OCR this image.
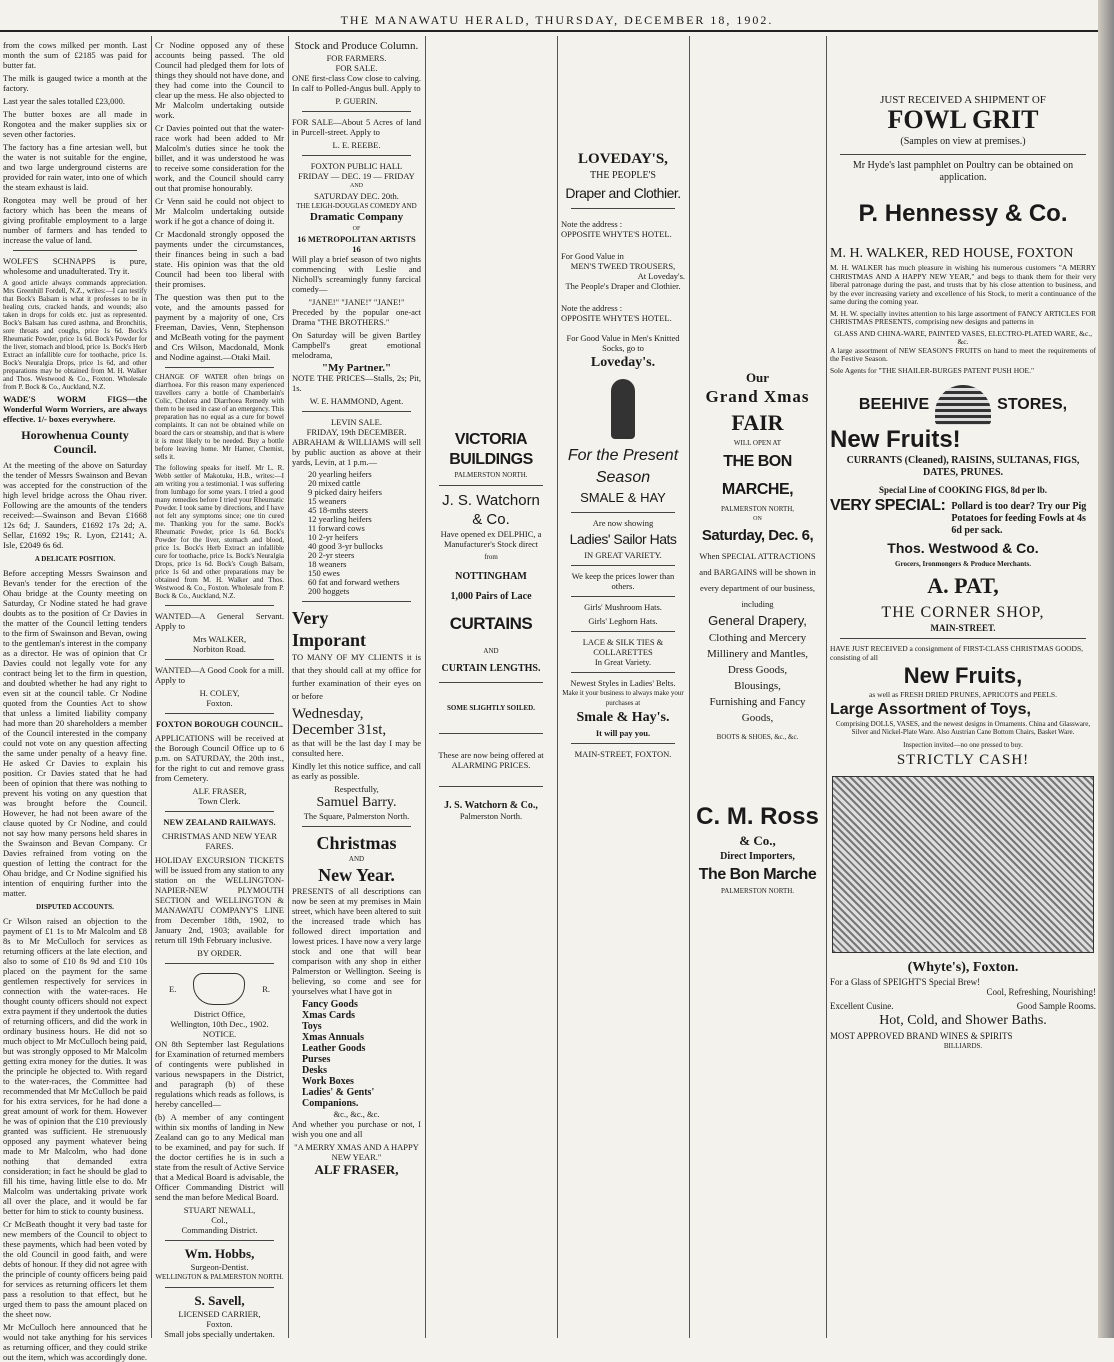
THE MANAWATU HERALD, THURSDAY, DECEMBER 18, 1902.

from the cows milked per month. Last month the sum of £2185 was paid for butter fat.

The milk is gauged twice a month at the factory.

Last year the sales totalled £23,000.

The butter boxes are all made in Rongotea and the maker supplies six or seven other factories.

The factory has a fine artesian well, but the water is not suitable for the engine, and two large underground cisterns are provided for rain water, into one of which the steam exhaust is laid.

Rongotea may well be proud of her factory which has been the means of giving profitable employment to a large number of farmers and has tended to increase the value of land.

WOLFE'S SCHNAPPS is pure, wholesome and unadulterated. Try it.

A good article always commands appreciation. Mrs Greenhill Fordell, N.Z., writes:—I can testify that Bock's Balsam is what it professes to be in healing cuts, cracked hands, and wounds; also taken in drops for colds etc. just as represented. Bock's Balsam has cured asthma, and Bronchitis, sore throats and coughs, price 1s 6d. Bock's Rheumatic Powder, price 1s 6d. Bock's Powder for the liver, stomach and blood, price 1s. Bock's Herb Extract an infallible cure for toothache, price 1s. Bock's Neuralgia Drops, price 1s 6d, and other preparations may be obtained from M. H. Walker and Thos. Westwood & Co., Foxton. Wholesale from P. Bock & Co., Auckland, N.Z.

WADE'S WORM FIGS—the Wonderful Worm Worriers, are always effective. 1/- boxes everywhere.

Horowhenua County Council.

At the meeting of the above on Saturday the tender of Messrs Swainson and Bevan was accepted for the construction of the high level bridge across the Ohau river. Following are the amounts of the tenders received:—Swainson and Bevan £1668 12s 6d; J. Saunders, £1692 17s 2d; A. Sellar, £1692 19s; R. Lyon, £2141; A. Isle, £2049 6s 6d.

A DELICATE POSITION.

Before accepting Messrs Swainson and Bevan's tender for the erection of the Ohau bridge at the County meeting on Saturday, Cr Nodine stated he had grave doubts as to the position of Cr Davies in the matter of the Council letting tenders to the firm of Swainson and Bevan, owing to the gentleman's interest in the company as a director. He was of opinion that Cr Davies could not legally vote for any contract being let to the firm in question, and doubted whether he had any right to even sit at the council table. Cr Nodine quoted from the Counties Act to show that unless a limited liability company had more than 20 shareholders a member of the Council interested in the company could not vote on any question affecting the same under penalty of a heavy fine. He asked Cr Davies to explain his position. Cr Davies stated that he had been of opinion that there was nothing to prevent his voting on any question that was brought before the Council. However, he had not been aware of the clause quoted by Cr Nodine, and could not say how many persons held shares in the Swainson and Bevan Company. Cr Davies refrained from voting on the question of letting the contract for the Ohau bridge, and Cr Nodine signified his intention of enquiring further into the matter.

DISPUTED ACCOUNTS.

Cr Wilson raised an objection to the payment of £1 1s to Mr Malcolm and £8 8s to Mr McCulloch for services as returning officers at the late election, and also to some of £10 8s 9d and £10 10s placed on the payment for the same gentlemen respectively for services in connection with the water-races. He thought county officers should not expect extra payment if they undertook the duties of returning officers, and did the work in ordinary business hours. He did not so much object to Mr McCulloch being paid, but was strongly opposed to Mr Malcolm getting extra money for the duties. It was the principle he objected to. With regard to the water-races, the Committee had recommended that Mr McCulloch be paid for his extra services, for he had done a great amount of work for them. However he was of opinion that the £10 previously granted was sufficient. He strenuously opposed any payment whatever being made to Mr Malcolm, who had done nothing that demanded extra consideration; in fact he should be glad to fill his time, having little else to do. Mr Malcolm was undertaking private work all over the place, and it would be far better for him to stick to county business.

Cr McBeath thought it very bad taste for new members of the Council to object to these payments, which had been voted by the old Council in good faith, and were debts of honour. If they did not agree with the principle of county officers being paid for services as returning officers let them pass a resolution to that effect, but he urged them to pass the amount placed on the sheet now.

Mr McCulloch here announced that he would not take anything for his services as returning officer, and they could strike out the item, which was accordingly done.

Cr Nodine opposed any of these accounts being passed. The old Council had pledged them for lots of things they should not have done, and they had come into the Council to clear up the mess. He also objected to Mr Malcolm undertaking outside work.

Cr Davies pointed out that the water-race work had been added to Mr Malcolm's duties since he took the billet, and it was understood he was to receive some consideration for the work, and the Council should carry out that promise honourably.

Cr Venn said he could not object to Mr Malcolm undertaking outside work if he got a chance of doing it.

Cr Macdonald strongly opposed the payments under the circumstances, their finances being in such a bad state. His opinion was that the old Council had been too liberal with their promises.

The question was then put to the vote, and the amounts passed for payment by a majority of one, Crs Freeman, Davies, Venn, Stephenson and McBeath voting for the payment and Crs Wilson, Macdonald, Monk and Nodine against.—Otaki Mail.

CHANGE OF WATER often brings on diarrhoea. For this reason many experienced travellers carry a bottle of Chamberlain's Colic, Cholera and Diarrhoea Remedy with them to be used in case of an emergency. This preparation has no equal as a cure for bowel complaints. It can not be obtained while on board the cars or steamship, and that is where it is most likely to be needed. Buy a bottle before leaving home. Mr Hamer, Chemist, sells it.

The following speaks for itself. Mr L. R. Webb settler of Makotuku, H.B., writes:—I am writing you a testimonial. I was suffering from lumbago for some years. I tried a good many remedies before I tried your Rheumatic Powder. I took same by directions, and I have not felt any symptoms since; one tin cured me. Thanking you for the same. Bock's Rheumatic Powder, price 1s 6d. Bock's Powder for the liver, stomach and blood, price 1s. Bock's Herb Extract an infallible cure for toothache, price 1s. Bock's Neuralgia Drops, price 1s 6d. Bock's Cough Balsam, price 1s 6d and other preparations may be obtained from M. H. Walker and Thos. Westwood & Co., Foxton. Wholesale from P. Bock & Co., Auckland, N.Z.

WANTED—A General Servant. Apply to

Mrs WALKER,
Norbiton Road.

WANTED—A Good Cook for a mill. Apply to

H. COLEY,
Foxton.
FOXTON BOROUGH COUNCIL.

APPLICATIONS will be received at the Borough Council Office up to 6 p.m. on SATURDAY, the 20th inst., for the right to cut and remove grass from Cemetery.

ALF. FRASER,
Town Clerk.
NEW ZEALAND RAILWAYS.
CHRISTMAS AND NEW YEAR FARES.

HOLIDAY EXCURSION TICKETS will be issued from any station to any station on the WELLINGTON-NAPIER-NEW PLYMOUTH SECTION and WELLINGTON & MANAWATU COMPANY'S LINE from December 18th, 1902, to January 2nd, 1903; available for return till 19th February inclusive.

BY ORDER.
E.	R.
District Office,
Wellington, 10th Dec., 1902.
NOTICE.

ON 8th September last Regulations for Examination of returned members of contingents were published in various newspapers in the District, and paragraph (b) of these regulations which reads as follows, is hereby cancelled—

(b) A member of any contingent within six months of landing in New Zealand can go to any Medical man to be examined, and pay for such. If the doctor certifies he is in such a state from the result of Active Service that a Medical Board is advisable, the Officer Commanding District will send the man before Medical Board.

STUART NEWALL,
Col.,
Commanding District.
Wm. Hobbs,
Surgeon-Dentist.
WELLINGTON & PALMERSTON NORTH.
S. Savell,
LICENSED CARRIER,
Foxton.
Small jobs specially undertaken.
Stock and Produce Column.
FOR FARMERS.
FOR SALE.

ONE first-class Cow close to calving. In calf to Polled-Angus bull. Apply to

P. GUERIN.

FOR SALE—About 5 Acres of land in Purcell-street. Apply to

L. E. REEBE.
FOXTON PUBLIC HALL
FRIDAY — DEC. 19 — FRIDAY
AND
SATURDAY DEC. 20th.
THE LEIGH-DOUGLAS COMEDY AND
Dramatic Company
OF
16 METROPOLITAN ARTISTS 16

Will play a brief season of two nights commencing with Leslie and Nicholl's screamingly funny farcical comedy—

"JANE!" "JANE!" "JANE!"

Preceded by the popular one-act Drama "THE BROTHERS."

On Saturday will be given Bartley Campbell's great emotional melodrama,

"My Partner."

NOTE THE PRICES—Stalls, 2s; Pit, 1s.

W. E. HAMMOND, Agent.
LEVIN SALE.
FRIDAY, 19th DECEMBER.

ABRAHAM & WILLIAMS will sell by public auction as above at their yards, Levin, at 1 p.m.—

20 yearling heifers
20 mixed cattle
9 picked dairy heifers
15 weaners
45 18-mths steers
12 yearling heifers
11 forward cows
10 2-yr heifers
40 good 3-yr bullocks
20 2-yr steers
18 weaners
150 ewes
60 fat and forward wethers
200 hoggets
Very
Imporant

TO MANY OF MY CLIENTS it is that they should call at my office for further examination of their eyes on or before

Wednesday,
December 31st,

as that will be the last day I may be consulted here.

Kindly let this notice suffice, and call as early as possible.

Respectfully,
Samuel Barry.
The Square, Palmerston North.
Christmas
AND
New Year.

PRESENTS of all descriptions can now be seen at my premises in Main street, which have been altered to suit the increased trade which has followed direct importation and lowest prices. I have now a very large stock and one that will bear comparison with any shop in either Palmerston or Wellington. Seeing is believing, so come and see for yourselves what I have got in

Fancy Goods
Xmas Cards
Toys
Xmas Annuals
Leather Goods
Purses
Desks
Work Boxes
Ladies' & Gents' Companions.
&c., &c., &c.

And whether you purchase or not, I wish you one and all

"A MERRY XMAS AND A HAPPY NEW YEAR."
ALF FRASER,
VICTORIA BUILDINGS
PALMERSTON NORTH.
J. S. Watchorn
& Co.

Have opened ex DELPHIC, a Manufacturer's Stock direct

from
NOTTINGHAM
1,000 Pairs of Lace
CURTAINS
AND
CURTAIN LENGTHS.
SOME SLIGHTLY SOILED.

These are now being offered at ALARMING PRICES.

J. S. Watchorn & Co.,
Palmerston North.
LOVEDAY'S,
THE PEOPLE'S
Draper and Clothier.
Note the address :
OPPOSITE WHYTE'S HOTEL.
For Good Value in
MEN'S TWEED TROUSERS,
At Loveday's.
The People's Draper and Clothier.
Note the address :
OPPOSITE WHYTE'S HOTEL.
For Good Value in Men's Knitted Socks, go to
Loveday's.
For the Present
Season
SMALE & HAY
Are now showing
Ladies' Sailor Hats
IN GREAT VARIETY.
We keep the prices lower than others.
Girls' Mushroom Hats.
Girls' Leghorn Hats.
LACE & SILK TIES & COLLARETTES
In Great Variety.
Newest Styles in Ladies' Belts.
Make it your business to always make your purchases at
Smale & Hay's.
It will pay you.
MAIN-STREET, FOXTON.
Our
Grand Xmas
FAIR
WILL OPEN AT
THE BON MARCHE,
PALMERSTON NORTH,
ON
Saturday, Dec. 6,
When SPECIAL ATTRACTIONS and BARGAINS will be shown in every department of our business, including
General Drapery,
Clothing and Mercery
Millinery and Mantles,
Dress Goods,
Blousings,
Furnishing and Fancy Goods,
BOOTS & SHOES, &c., &c.
C. M. Ross
& Co.,
Direct Importers,
The Bon Marche
PALMERSTON NORTH.
JUST RECEIVED A SHIPMENT OF
FOWL GRIT
(Samples on view at premises.)
Mr Hyde's last pamphlet on Poultry can be obtained on application.
P. Hennessy & Co.
M. H. WALKER, RED HOUSE, FOXTON

M. H. WALKER has much pleasure in wishing his numerous customers "A MERRY CHRISTMAS AND A HAPPY NEW YEAR," and begs to thank them for their very liberal patronage during the past, and trusts that by his close attention to business, and by the ever increasing variety and excellence of his Stock, to merit a continuance of the same during the coming year.

M. H. W. specially invites attention to his large assortment of FANCY ARTICLES FOR CHRISTMAS PRESENTS, comprising new designs and patterns in

GLASS AND CHINA-WARE, PAINTED VASES, ELECTRO-PLATED WARE, &c., &c.

A large assortment of NEW SEASON'S FRUITS on hand to meet the requirements of the Festive Season.

Sole Agents for "THE SHAILER-BURGES PATENT PUSH HOE."

BEEHIVE	STORES,
New Fruits!
CURRANTS (Cleaned), RAISINS, SULTANAS, FIGS, DATES, PRUNES.
Special Line of COOKING FIGS, 8d per lb.
VERY SPECIAL: Pollard is too dear? Try our Pig Potatoes for feeding Fowls at 4s 6d per sack.
Thos. Westwood & Co.
Grocers, Ironmongers & Produce Merchants.
A. PAT,
THE CORNER SHOP,
MAIN-STREET.
HAVE JUST RECEIVED a consignment of FIRST-CLASS CHRISTMAS GOODS, consisting of all
New Fruits,
as well as FRESH DRIED PRUNES, APRICOTS and PEELS.
Large Assortment of Toys,
Comprising DOLLS, VASES, and the newest designs in Ornaments. China and Glassware, Silver and Nickel-Plate Ware. Also Austrian Cane Bottom Chairs, Basket Ware.
Inspection invited—no one pressed to buy.
STRICTLY CASH!
(Whyte's), Foxton.
For a Glass of SPEIGHT'S Special Brew!
Cool, Refreshing, Nourishing!
Excellent Cusine.	Good Sample Rooms.
Hot, Cold, and Shower Baths.
MOST APPROVED BRAND WINES & SPIRITS
BILLIARDS.
